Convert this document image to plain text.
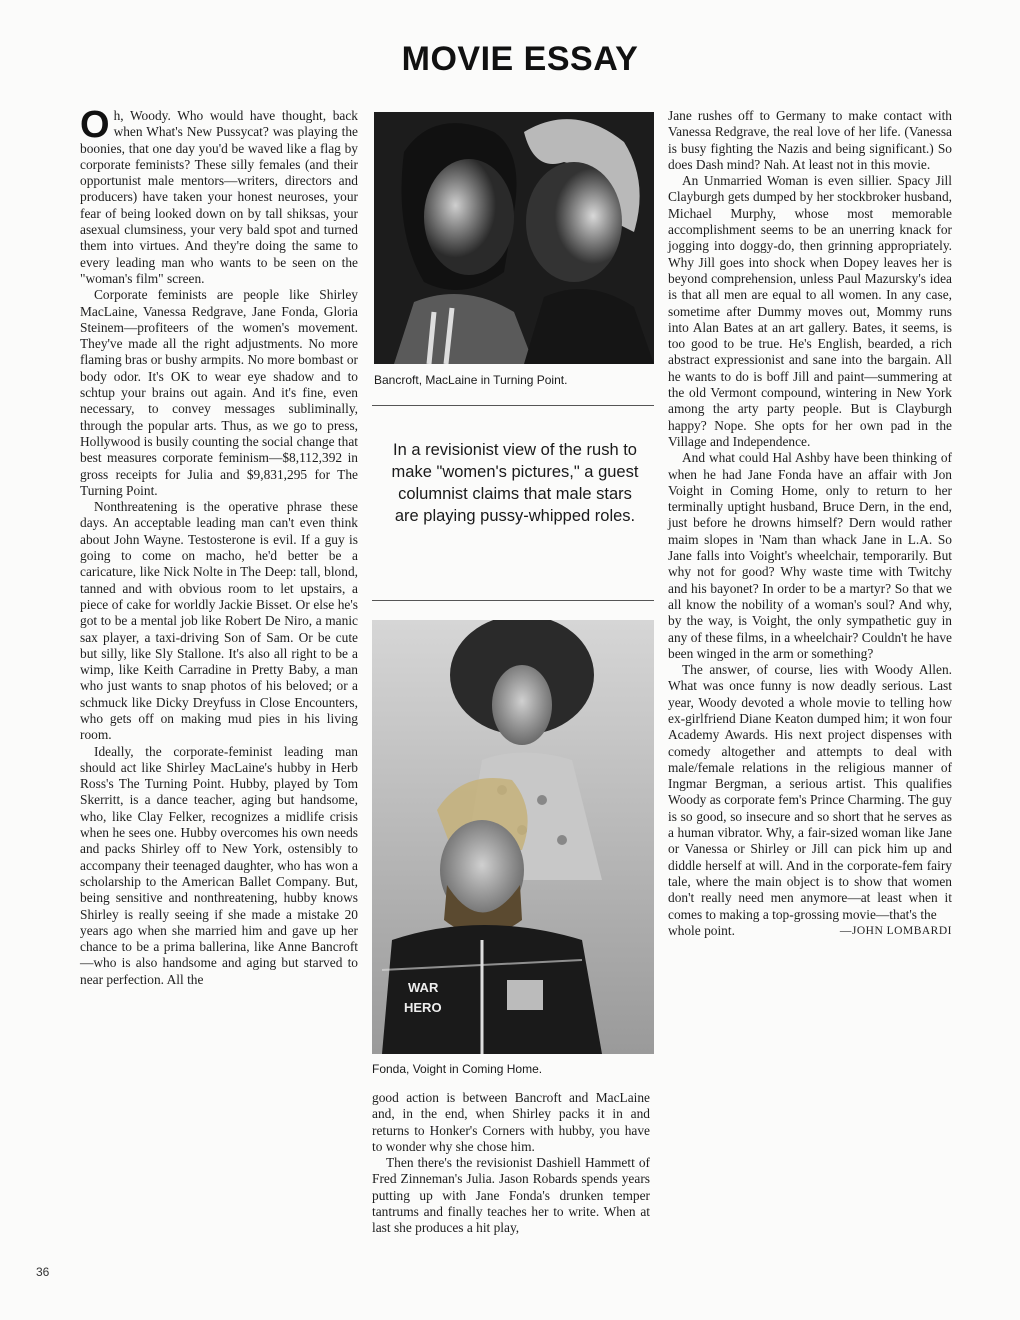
MOVIE ESSAY

Oh, Woody. Who would have thought, back when What's New Pussycat? was playing the boonies, that one day you'd be waved like a flag by corporate feminists? These silly females (and their opportunist male mentors—writers, directors and producers) have taken your honest neuroses, your fear of being looked down on by tall shiksas, your asexual clumsiness, your very bald spot and turned them into virtues. And they're doing the same to every leading man who wants to be seen on the "woman's film" screen.

Corporate feminists are people like Shirley MacLaine, Vanessa Redgrave, Jane Fonda, Gloria Steinem—profiteers of the women's movement. They've made all the right adjustments. No more flaming bras or bushy armpits. No more bombast or body odor. It's OK to wear eye shadow and to schtup your brains out again. And it's fine, even necessary, to convey messages subliminally, through the popular arts. Thus, as we go to press, Hollywood is busily counting the social change that best measures corporate feminism—$8,112,392 in gross receipts for Julia and $9,831,295 for The Turning Point.

Nonthreatening is the operative phrase these days. An acceptable leading man can't even think about John Wayne. Testosterone is evil. If a guy is going to come on macho, he'd better be a caricature, like Nick Nolte in The Deep: tall, blond, tanned and with obvious room to let upstairs, a piece of cake for worldly Jackie Bisset. Or else he's got to be a mental job like Robert De Niro, a manic sax player, a taxi-driving Son of Sam. Or be cute but silly, like Sly Stallone. It's also all right to be a wimp, like Keith Carradine in Pretty Baby, a man who just wants to snap photos of his beloved; or a schmuck like Dicky Dreyfuss in Close Encounters, who gets off on making mud pies in his living room.

Ideally, the corporate-feminist leading man should act like Shirley MacLaine's hubby in Herb Ross's The Turning Point. Hubby, played by Tom Skerritt, is a dance teacher, aging but handsome, who, like Clay Felker, recognizes a midlife crisis when he sees one. Hubby overcomes his own needs and packs Shirley off to New York, ostensibly to accompany their teenaged daughter, who has won a scholarship to the American Ballet Company. But, being sensitive and nonthreatening, hubby knows Shirley is really seeing if she made a mistake 20 years ago when she married him and gave up her chance to be a prima ballerina, like Anne Bancroft—who is also handsome and aging but starved to near perfection. All the

Bancroft, MacLaine in Turning Point.
In a revisionist view of the rush to make "women's pictures," a guest columnist claims that male stars are playing pussy-whipped roles.
WAR
HERO
Fonda, Voight in Coming Home.

good action is between Bancroft and MacLaine and, in the end, when Shirley packs it in and returns to Honker's Corners with hubby, you have to wonder why she chose him.

Then there's the revisionist Dashiell Hammett of Fred Zinneman's Julia. Jason Robards spends years putting up with Jane Fonda's drunken temper tantrums and finally teaches her to write. When at last she produces a hit play,

Jane rushes off to Germany to make contact with Vanessa Redgrave, the real love of her life. (Vanessa is busy fighting the Nazis and being significant.) So does Dash mind? Nah. At least not in this movie.

An Unmarried Woman is even sillier. Spacy Jill Clayburgh gets dumped by her stockbroker husband, Michael Murphy, whose most memorable accomplishment seems to be an unerring knack for jogging into doggy-do, then grinning appropriately. Why Jill goes into shock when Dopey leaves her is beyond comprehension, unless Paul Mazursky's idea is that all men are equal to all women. In any case, sometime after Dummy moves out, Mommy runs into Alan Bates at an art gallery. Bates, it seems, is too good to be true. He's English, bearded, a rich abstract expressionist and sane into the bargain. All he wants to do is boff Jill and paint—summering at the old Vermont compound, wintering in New York among the arty party people. But is Clayburgh happy? Nope. She opts for her own pad in the Village and Independence.

And what could Hal Ashby have been thinking of when he had Jane Fonda have an affair with Jon Voight in Coming Home, only to return to her terminally uptight husband, Bruce Dern, in the end, just before he drowns himself? Dern would rather maim slopes in 'Nam than whack Jane in L.A. So Jane falls into Voight's wheelchair, temporarily. But why not for good? Why waste time with Twitchy and his bayonet? In order to be a martyr? So that we all know the nobility of a woman's soul? And why, by the way, is Voight, the only sympathetic guy in any of these films, in a wheelchair? Couldn't he have been winged in the arm or something?

The answer, of course, lies with Woody Allen. What was once funny is now deadly serious. Last year, Woody devoted a whole movie to telling how ex-girlfriend Diane Keaton dumped him; it won four Academy Awards. His next project dispenses with comedy altogether and attempts to deal with male/female relations in the religious manner of Ingmar Bergman, a serious artist. This qualifies Woody as corporate fem's Prince Charming. The guy is so good, so insecure and so short that he serves as a human vibrator. Why, a fair-sized woman like Jane or Vanessa or Shirley or Jill can pick him up and diddle herself at will. And in the corporate-fem fairy tale, where the main object is to show that women don't really need men anymore—at least when it comes to making a top-grossing movie—that's the

whole point.	—JOHN LOMBARDI

36
